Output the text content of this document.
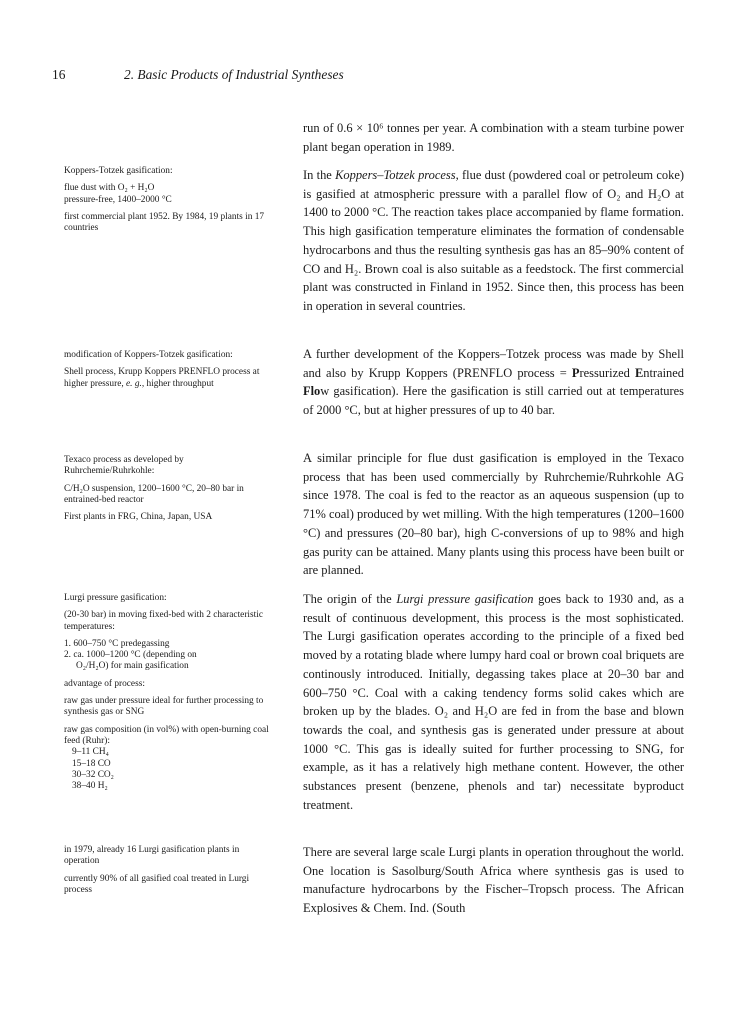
16	2. Basic Products of Industrial Syntheses

run of 0.6 × 10⁶ tonnes per year. A combination with a steam turbine power plant began operation in 1989.

In the Koppers–Totzek process, flue dust (powdered coal or petroleum coke) is gasified at atmospheric pressure with a parallel flow of O₂ and H₂O at 1400 to 2000 °C. The reaction takes place accompanied by flame formation. This high gasification temperature eliminates the formation of condensable hydrocarbons and thus the resulting synthesis gas has an 85–90% content of CO and H₂. Brown coal is also suitable as a feedstock. The first commercial plant was constructed in Finland in 1952. Since then, this process has been in operation in several countries.

A further development of the Koppers–Totzek process was made by Shell and also by Krupp Koppers (PRENFLO process = Pressurized Entrained Flow gasification). Here the gasification is still carried out at temperatures of 2000 °C, but at higher pressures of up to 40 bar.

A similar principle for flue dust gasification is employed in the Texaco process that has been used commercially by Ruhrchemie/Ruhrkohle AG since 1978. The coal is fed to the reactor as an aqueous suspension (up to 71% coal) produced by wet milling. With the high temperatures (1200–1600 °C) and pressures (20–80 bar), high C-conversions of up to 98% and high gas purity can be attained. Many plants using this process have been built or are planned.

The origin of the Lurgi pressure gasification goes back to 1930 and, as a result of continuous development, this process is the most sophisticated. The Lurgi gasification operates according to the principle of a fixed bed moved by a rotating blade where lumpy hard coal or brown coal briquets are continously introduced. Initially, degassing takes place at 20–30 bar and 600–750 °C. Coal with a caking tendency forms solid cakes which are broken up by the blades. O₂ and H₂O are fed in from the base and blown towards the coal, and synthesis gas is generated under pressure at about 1000 °C. This gas is ideally suited for further processing to SNG, for example, as it has a relatively high methane content. However, the other substances present (benzene, phenols and tar) necessitate byproduct treatment.

There are several large scale Lurgi plants in operation throughout the world. One location is Sasolburg/South Africa where synthesis gas is used to manufacture hydrocarbons by the Fischer–Tropsch process. The African Explosives & Chem. Ind. (South

Koppers-Totzek gasification:
flue dust with O₂ + H₂O
pressure-free, 1400–2000 °C
first commercial plant 1952. By 1984, 19 plants in 17 countries
modification of Koppers-Totzek gasification:
Shell process, Krupp Koppers PRENFLO process at higher pressure, e. g., higher throughput
Texaco process as developed by Ruhrchemie/Ruhrkohle:
C/H₂O suspension, 1200–1600 °C, 20–80 bar in entrained-bed reactor
First plants in FRG, China, Japan, USA
Lurgi pressure gasification:
(20-30 bar) in moving fixed-bed with 2 characteristic temperatures:
1. 600–750 °C predegassing
2. ca. 1000–1200 °C (depending on
O₂/H₂O) for main gasification
advantage of process:
raw gas under pressure ideal for further processing to synthesis gas or SNG
raw gas composition (in vol%) with open-burning coal feed (Ruhr):
9–11 CH₄
15–18 CO
30–32 CO₂
38–40 H₂
in 1979, already 16 Lurgi gasification plants in operation
currently 90% of all gasified coal treated in Lurgi process
